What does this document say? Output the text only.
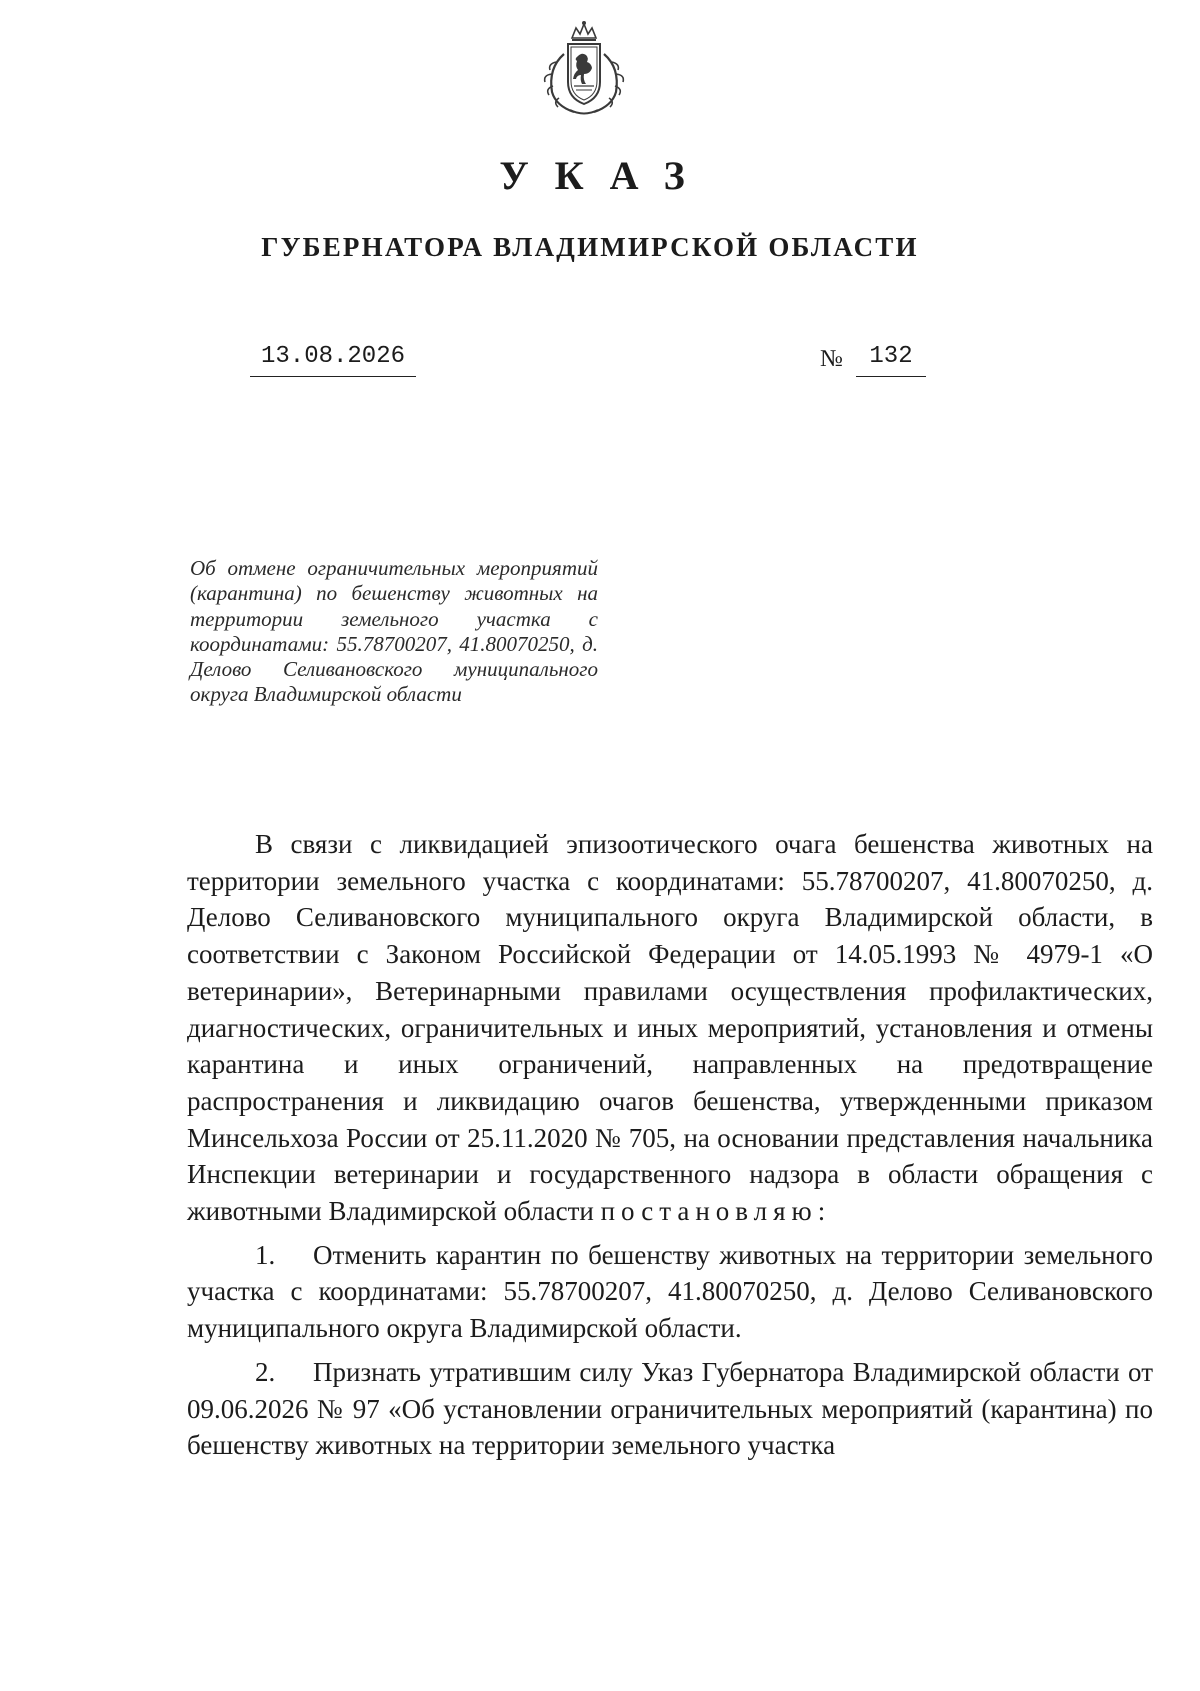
УКАЗ
ГУБЕРНАТОРА ВЛАДИМИРСКОЙ ОБЛАСТИ
13.08.2026	№	132
Об отмене ограничительных мероприятий (карантина) по бешенству животных на территории земельного участка с координатами: 55.78700207, 41.80070250, д. Делово Селивановского муниципального округа Владимирской области

В связи с ликвидацией эпизоотического очага бешенства животных на территории земельного участка с координатами: 55.78700207, 41.80070250, д. Делово Селивановского муниципального округа Владимирской области, в соответствии с Законом Российской Федерации от 14.05.1993 № 4979-1 «О ветеринарии», Ветеринарными правилами осуществления профилактических, диагностических, ограничительных и иных мероприятий, установления и отмены карантина и иных ограничений, направленных на предотвращение распространения и ликвидацию очагов бешенства, утвержденными приказом Минсельхоза России от 25.11.2020 № 705, на основании представления начальника Инспекции ветеринарии и государственного надзора в области обращения с животными Владимирской области постановляю:

1. Отменить карантин по бешенству животных на территории земельного участка с координатами: 55.78700207, 41.80070250, д. Делово Селивановского муниципального округа Владимирской области.

2. Признать утратившим силу Указ Губернатора Владимирской области от 09.06.2026 № 97 «Об установлении ограничительных мероприятий (карантина) по бешенству животных на территории земельного участка
